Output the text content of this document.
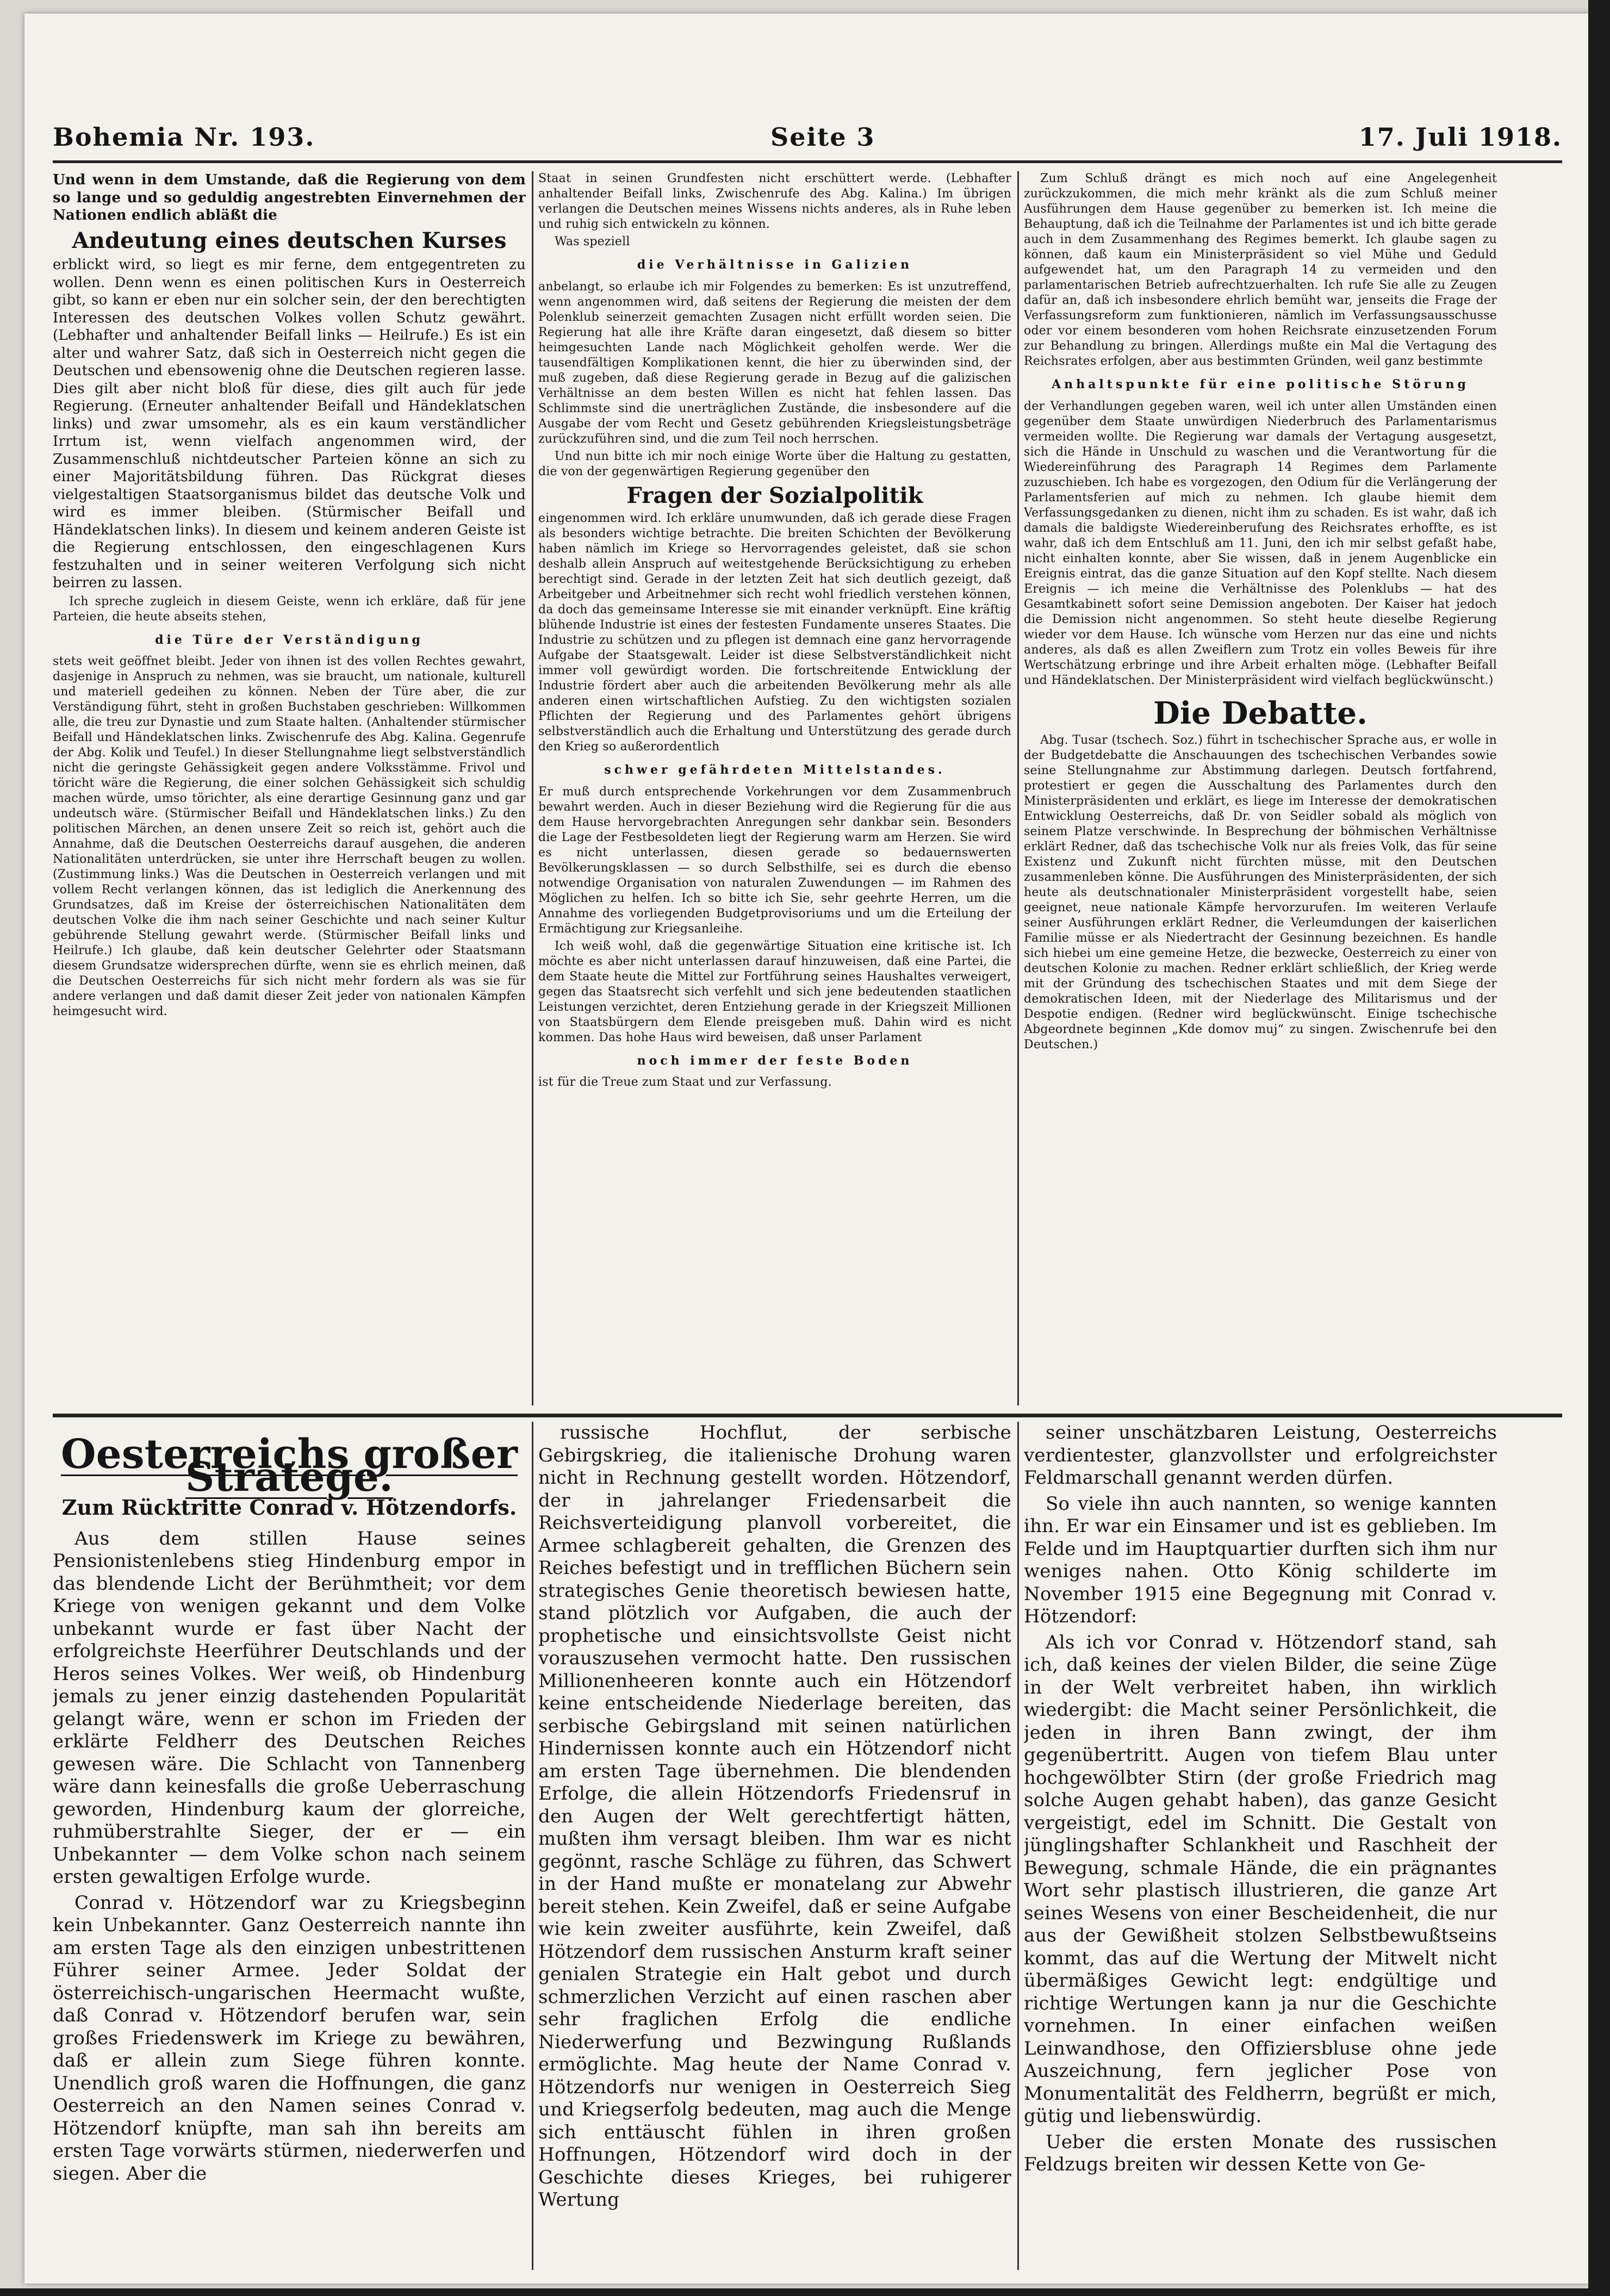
Bohemia Nr. 193.	Seite 3	17. Juli 1918.

Und wenn in dem Umstande, daß die Regierung von dem so lange und so geduldig angestrebten Einvernehmen der Nationen endlich abläßt die

Andeutung eines deutschen Kurses

erblickt wird, so liegt es mir ferne, dem entgegentreten zu wollen. Denn wenn es einen politischen Kurs in Oesterreich gibt, so kann er eben nur ein solcher sein, der den berechtigten Interessen des deutschen Volkes vollen Schutz gewährt. (Lebhafter und anhaltender Beifall links — Heilrufe.) Es ist ein alter und wahrer Satz, daß sich in Oesterreich nicht gegen die Deutschen und ebensowenig ohne die Deutschen regieren lasse. Dies gilt aber nicht bloß für diese, dies gilt auch für jede Regierung. (Erneuter anhaltender Beifall und Händeklatschen links) und zwar umsomehr, als es ein kaum verständlicher Irrtum ist, wenn vielfach angenommen wird, der Zusammenschluß nichtdeutscher Parteien könne an sich zu einer Majoritätsbildung führen. Das Rückgrat dieses vielgestaltigen Staatsorganismus bildet das deutsche Volk und wird es immer bleiben. (Stürmischer Beifall und Händeklatschen links). In diesem und keinem anderen Geiste ist die Regierung entschlossen, den eingeschlagenen Kurs festzuhalten und in seiner weiteren Verfolgung sich nicht beirren zu lassen.

Ich spreche zugleich in diesem Geiste, wenn ich erkläre, daß für jene Parteien, die heute abseits stehen,

die Türe der Verständigung

stets weit geöffnet bleibt. Jeder von ihnen ist des vollen Rechtes gewahrt, dasjenige in Anspruch zu nehmen, was sie braucht, um nationale, kulturell und materiell gedeihen zu können. Neben der Türe aber, die zur Verständigung führt, steht in großen Buchstaben geschrieben: Willkommen alle, die treu zur Dynastie und zum Staate halten. (Anhaltender stürmischer Beifall und Händeklatschen links. Zwischenrufe des Abg. Kalina. Gegenrufe der Abg. Kolik und Teufel.) In dieser Stellungnahme liegt selbstverständlich nicht die geringste Gehässigkeit gegen andere Volksstämme. Frivol und töricht wäre die Regierung, die einer solchen Gehässigkeit sich schuldig machen würde, umso törichter, als eine derartige Gesinnung ganz und gar undeutsch wäre. (Stürmischer Beifall und Händeklatschen links.) Zu den politischen Märchen, an denen unsere Zeit so reich ist, gehört auch die Annahme, daß die Deutschen Oesterreichs darauf ausgehen, die anderen Nationalitäten unterdrücken, sie unter ihre Herrschaft beugen zu wollen. (Zustimmung links.) Was die Deutschen in Oesterreich verlangen und mit vollem Recht verlangen können, das ist lediglich die Anerkennung des Grundsatzes, daß im Kreise der österreichischen Nationalitäten dem deutschen Volke die ihm nach seiner Geschichte und nach seiner Kultur gebührende Stellung gewahrt werde. (Stürmischer Beifall links und Heilrufe.) Ich glaube, daß kein deutscher Gelehrter oder Staatsmann diesem Grundsatze widersprechen dürfte, wenn sie es ehrlich meinen, daß die Deutschen Oesterreichs für sich nicht mehr fordern als was sie für andere verlangen und daß damit dieser Zeit jeder von nationalen Kämpfen heimgesucht wird.

Staat in seinen Grundfesten nicht erschüttert werde. (Lebhafter anhaltender Beifall links, Zwischenrufe des Abg. Kalina.) Im übrigen verlangen die Deutschen meines Wissens nichts anderes, als in Ruhe leben und ruhig sich entwickeln zu können.

Was speziell

die Verhältnisse in Galizien

anbelangt, so erlaube ich mir Folgendes zu bemerken: Es ist unzutreffend, wenn angenommen wird, daß seitens der Regierung die meisten der dem Polenklub seinerzeit gemachten Zusagen nicht erfüllt worden seien. Die Regierung hat alle ihre Kräfte daran eingesetzt, daß diesem so bitter heimgesuchten Lande nach Möglichkeit geholfen werde. Wer die tausendfältigen Komplikationen kennt, die hier zu überwinden sind, der muß zugeben, daß diese Regierung gerade in Bezug auf die galizischen Verhältnisse an dem besten Willen es nicht hat fehlen lassen. Das Schlimmste sind die unerträglichen Zustände, die insbesondere auf die Ausgabe der vom Recht und Gesetz gebührenden Kriegsleistungsbeträge zurückzuführen sind, und die zum Teil noch herrschen.

Und nun bitte ich mir noch einige Worte über die Haltung zu gestatten, die von der gegenwärtigen Regierung gegenüber den

Fragen der Sozialpolitik

eingenommen wird. Ich erkläre unumwunden, daß ich gerade diese Fragen als besonders wichtige betrachte. Die breiten Schichten der Bevölkerung haben nämlich im Kriege so Hervorragendes geleistet, daß sie schon deshalb allein Anspruch auf weitestgehende Berücksichtigung zu erheben berechtigt sind. Gerade in der letzten Zeit hat sich deutlich gezeigt, daß Arbeitgeber und Arbeitnehmer sich recht wohl friedlich verstehen können, da doch das gemeinsame Interesse sie mit einander verknüpft. Eine kräftig blühende Industrie ist eines der festesten Fundamente unseres Staates. Die Industrie zu schützen und zu pflegen ist demnach eine ganz hervorragende Aufgabe der Staatsgewalt. Leider ist diese Selbstverständlichkeit nicht immer voll gewürdigt worden. Die fortschreitende Entwicklung der Industrie fördert aber auch die arbeitenden Bevölkerung mehr als alle anderen einen wirtschaftlichen Aufstieg. Zu den wichtigsten sozialen Pflichten der Regierung und des Parlamentes gehört übrigens selbstverständlich auch die Erhaltung und Unterstützung des gerade durch den Krieg so außerordentlich

schwer gefährdeten Mittelstandes.

Er muß durch entsprechende Vorkehrungen vor dem Zusammenbruch bewahrt werden. Auch in dieser Beziehung wird die Regierung für die aus dem Hause hervorgebrachten Anregungen sehr dankbar sein. Besonders die Lage der Festbesoldeten liegt der Regierung warm am Herzen. Sie wird es nicht unterlassen, diesen gerade so bedauernswerten Bevölkerungsklassen — so durch Selbsthilfe, sei es durch die ebenso notwendige Organisation von naturalen Zuwendungen — im Rahmen des Möglichen zu helfen. Ich so bitte ich Sie, sehr geehrte Herren, um die Annahme des vorliegenden Budgetprovisoriums und um die Erteilung der Ermächtigung zur Kriegsanleihe.

Ich weiß wohl, daß die gegenwärtige Situation eine kritische ist. Ich möchte es aber nicht unterlassen darauf hinzuweisen, daß eine Partei, die dem Staate heute die Mittel zur Fortführung seines Haushaltes verweigert, gegen das Staatsrecht sich verfehlt und sich jene bedeutenden staatlichen Leistungen verzichtet, deren Entziehung gerade in der Kriegszeit Millionen von Staatsbürgern dem Elende preisgeben muß. Dahin wird es nicht kommen. Das hohe Haus wird beweisen, daß unser Parlament

noch immer der feste Boden

ist für die Treue zum Staat und zur Verfassung.

Zum Schluß drängt es mich noch auf eine Angelegenheit zurückzukommen, die mich mehr kränkt als die zum Schluß meiner Ausführungen dem Hause gegenüber zu bemerken ist. Ich meine die Behauptung, daß ich die Teilnahme der Parlamentes ist und ich bitte gerade auch in dem Zusammenhang des Regimes bemerkt. Ich glaube sagen zu können, daß kaum ein Ministerpräsident so viel Mühe und Geduld aufgewendet hat, um den Paragraph 14 zu vermeiden und den parlamentarischen Betrieb aufrechtzuerhalten. Ich rufe Sie alle zu Zeugen dafür an, daß ich insbesondere ehrlich bemüht war, jenseits die Frage der Verfassungsreform zum funktionieren, nämlich im Verfassungsausschusse oder vor einem besonderen vom hohen Reichsrate einzusetzenden Forum zur Behandlung zu bringen. Allerdings mußte ein Mal die Vertagung des Reichsrates erfolgen, aber aus bestimmten Gründen, weil ganz bestimmte

Anhaltspunkte für eine politische Störung

der Verhandlungen gegeben waren, weil ich unter allen Umständen einen gegenüber dem Staate unwürdigen Niederbruch des Parlamentarismus vermeiden wollte. Die Regierung war damals der Vertagung ausgesetzt, sich die Hände in Unschuld zu waschen und die Verantwortung für die Wiedereinführung des Paragraph 14 Regimes dem Parlamente zuzuschieben. Ich habe es vorgezogen, den Odium für die Verlängerung der Parlamentsferien auf mich zu nehmen. Ich glaube hiemit dem Verfassungsgedanken zu dienen, nicht ihm zu schaden. Es ist wahr, daß ich damals die baldigste Wiedereinberufung des Reichsrates erhoffte, es ist wahr, daß ich dem Entschluß am 11. Juni, den ich mir selbst gefaßt habe, nicht einhalten konnte, aber Sie wissen, daß in jenem Augenblicke ein Ereignis eintrat, das die ganze Situation auf den Kopf stellte. Nach diesem Ereignis — ich meine die Verhältnisse des Polenklubs — hat des Gesamtkabinett sofort seine Demission angeboten. Der Kaiser hat jedoch die Demission nicht angenommen. So steht heute dieselbe Regierung wieder vor dem Hause. Ich wünsche vom Herzen nur das eine und nichts anderes, als daß es allen Zweiflern zum Trotz ein volles Beweis für ihre Wertschätzung erbringe und ihre Arbeit erhalten möge. (Lebhafter Beifall und Händeklatschen. Der Ministerpräsident wird vielfach beglückwünscht.)

Die Debatte.

Abg. Tusar (tschech. Soz.) führt in tschechischer Sprache aus, er wolle in der Budgetdebatte die Anschauungen des tschechischen Verbandes sowie seine Stellungnahme zur Abstimmung darlegen. Deutsch fortfahrend, protestiert er gegen die Ausschaltung des Parlamentes durch den Ministerpräsidenten und erklärt, es liege im Interesse der demokratischen Entwicklung Oesterreichs, daß Dr. von Seidler sobald als möglich von seinem Platze verschwinde. In Besprechung der böhmischen Verhältnisse erklärt Redner, daß das tschechische Volk nur als freies Volk, das für seine Existenz und Zukunft nicht fürchten müsse, mit den Deutschen zusammenleben könne. Die Ausführungen des Ministerpräsidenten, der sich heute als deutschnationaler Ministerpräsident vorgestellt habe, seien geeignet, neue nationale Kämpfe hervorzurufen. Im weiteren Verlaufe seiner Ausführungen erklärt Redner, die Verleumdungen der kaiserlichen Familie müsse er als Niedertracht der Gesinnung bezeichnen. Es handle sich hiebei um eine gemeine Hetze, die bezwecke, Oesterreich zu einer von deutschen Kolonie zu machen. Redner erklärt schließlich, der Krieg werde mit der Gründung des tschechischen Staates und mit dem Siege der demokratischen Ideen, mit der Niederlage des Militarismus und der Despotie endigen. (Redner wird beglückwünscht. Einige tschechische Abgeordnete beginnen „Kde domov muj“ zu singen. Zwischenrufe bei den Deutschen.)

Oesterreichs großer Stratege.
Zum Rücktritte Conrad v. Hötzendorfs.

Aus dem stillen Hause seines Pensionistenlebens stieg Hindenburg empor in das blendende Licht der Berühmtheit; vor dem Kriege von wenigen gekannt und dem Volke unbekannt wurde er fast über Nacht der erfolgreichste Heerführer Deutschlands und der Heros seines Volkes. Wer weiß, ob Hindenburg jemals zu jener einzig dastehenden Popularität gelangt wäre, wenn er schon im Frieden der erklärte Feldherr des Deutschen Reiches gewesen wäre. Die Schlacht von Tannenberg wäre dann keinesfalls die große Ueberraschung geworden, Hindenburg kaum der glorreiche, ruhmüberstrahlte Sieger, der er — ein Unbekannter — dem Volke schon nach seinem ersten gewaltigen Erfolge wurde.

Conrad v. Hötzendorf war zu Kriegsbeginn kein Unbekannter. Ganz Oesterreich nannte ihn am ersten Tage als den einzigen unbestrittenen Führer seiner Armee. Jeder Soldat der österreichisch-ungarischen Heermacht wußte, daß Conrad v. Hötzendorf berufen war, sein großes Friedenswerk im Kriege zu bewähren, daß er allein zum Siege führen konnte. Unendlich groß waren die Hoffnungen, die ganz Oesterreich an den Namen seines Conrad v. Hötzendorf knüpfte, man sah ihn bereits am ersten Tage vorwärts stürmen, niederwerfen und siegen. Aber die

russische Hochflut, der serbische Gebirgskrieg, die italienische Drohung waren nicht in Rechnung gestellt worden. Hötzendorf, der in jahrelanger Friedensarbeit die Reichsverteidigung planvoll vorbereitet, die Armee schlagbereit gehalten, die Grenzen des Reiches befestigt und in trefflichen Büchern sein strategisches Genie theoretisch bewiesen hatte, stand plötzlich vor Aufgaben, die auch der prophetische und einsichtsvollste Geist nicht vorauszusehen vermocht hatte. Den russischen Millionenheeren konnte auch ein Hötzendorf keine entscheidende Niederlage bereiten, das serbische Gebirgsland mit seinen natürlichen Hindernissen konnte auch ein Hötzendorf nicht am ersten Tage übernehmen. Die blendenden Erfolge, die allein Hötzendorfs Friedensruf in den Augen der Welt gerechtfertigt hätten, mußten ihm versagt bleiben. Ihm war es nicht gegönnt, rasche Schläge zu führen, das Schwert in der Hand mußte er monatelang zur Abwehr bereit stehen. Kein Zweifel, daß er seine Aufgabe wie kein zweiter ausführte, kein Zweifel, daß Hötzendorf dem russischen Ansturm kraft seiner genialen Strategie ein Halt gebot und durch schmerzlichen Verzicht auf einen raschen aber sehr fraglichen Erfolg die endliche Niederwerfung und Bezwingung Rußlands ermöglichte. Mag heute der Name Conrad v. Hötzendorfs nur wenigen in Oesterreich Sieg und Kriegserfolg bedeuten, mag auch die Menge sich enttäuscht fühlen in ihren großen Hoffnungen, Hötzendorf wird doch in der Geschichte dieses Krieges, bei ruhigerer Wertung

seiner unschätzbaren Leistung, Oesterreichs verdientester, glanzvollster und erfolgreichster Feldmarschall genannt werden dürfen.

So viele ihn auch nannten, so wenige kannten ihn. Er war ein Einsamer und ist es geblieben. Im Felde und im Hauptquartier durften sich ihm nur weniges nahen. Otto König schilderte im November 1915 eine Begegnung mit Conrad v. Hötzendorf:

Als ich vor Conrad v. Hötzendorf stand, sah ich, daß keines der vielen Bilder, die seine Züge in der Welt verbreitet haben, ihn wirklich wiedergibt: die Macht seiner Persönlichkeit, die jeden in ihren Bann zwingt, der ihm gegenübertritt. Augen von tiefem Blau unter hochgewölbter Stirn (der große Friedrich mag solche Augen gehabt haben), das ganze Gesicht vergeistigt, edel im Schnitt. Die Gestalt von jünglingshafter Schlankheit und Raschheit der Bewegung, schmale Hände, die ein prägnantes Wort sehr plastisch illustrieren, die ganze Art seines Wesens von einer Bescheidenheit, die nur aus der Gewißheit stolzen Selbstbewußtseins kommt, das auf die Wertung der Mitwelt nicht übermäßiges Gewicht legt: endgültige und richtige Wertungen kann ja nur die Geschichte vornehmen. In einer einfachen weißen Leinwandhose, den Offiziersbluse ohne jede Auszeichnung, fern jeglicher Pose von Monumentalität des Feldherrn, begrüßt er mich, gütig und liebenswürdig.

Ueber die ersten Monate des russischen Feldzugs breiten wir dessen Kette von Ge-
